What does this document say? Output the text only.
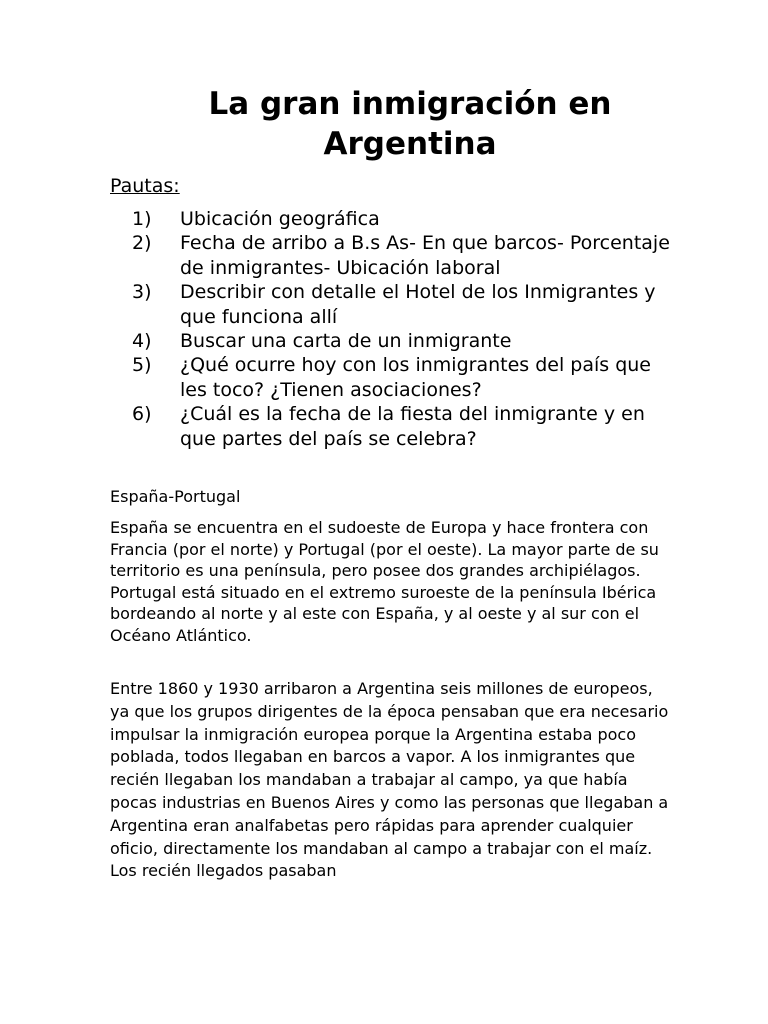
La gran inmigración en
Argentina

Pautas:

1) Ubicación geográfica
2) Fecha de arribo a B.s As- En que barcos- Porcentaje de inmigrantes- Ubicación laboral
3) Describir con detalle el Hotel de los Inmigrantes y que funciona allí
4) Buscar una carta de un inmigrante
5) ¿Qué ocurre hoy con los inmigrantes del país que les toco? ¿Tienen asociaciones?
6) ¿Cuál es la fecha de la fiesta del inmigrante y en que partes del país se celebra?

España-Portugal

España se encuentra en el sudoeste de Europa y hace frontera con Francia (por el norte) y Portugal (por el oeste). La mayor parte de su territorio es una península, pero posee dos grandes archipiélagos. Portugal está situado en el extremo suroeste de la península Ibérica bordeando al norte y al este con España, y al oeste y al sur con el Océano Atlántico.

Entre 1860 y 1930 arribaron a Argentina seis millones de europeos, ya que los grupos dirigentes de la época pensaban que era necesario impulsar la inmigración europea porque la Argentina estaba poco poblada, todos llegaban en barcos a vapor. A los inmigrantes que recién llegaban los mandaban a trabajar al campo, ya que había pocas industrias en Buenos Aires y como las personas que llegaban a Argentina eran analfabetas pero rápidas para aprender cualquier oficio, directamente los mandaban al campo a trabajar con el maíz. Los recién llegados pasaban
